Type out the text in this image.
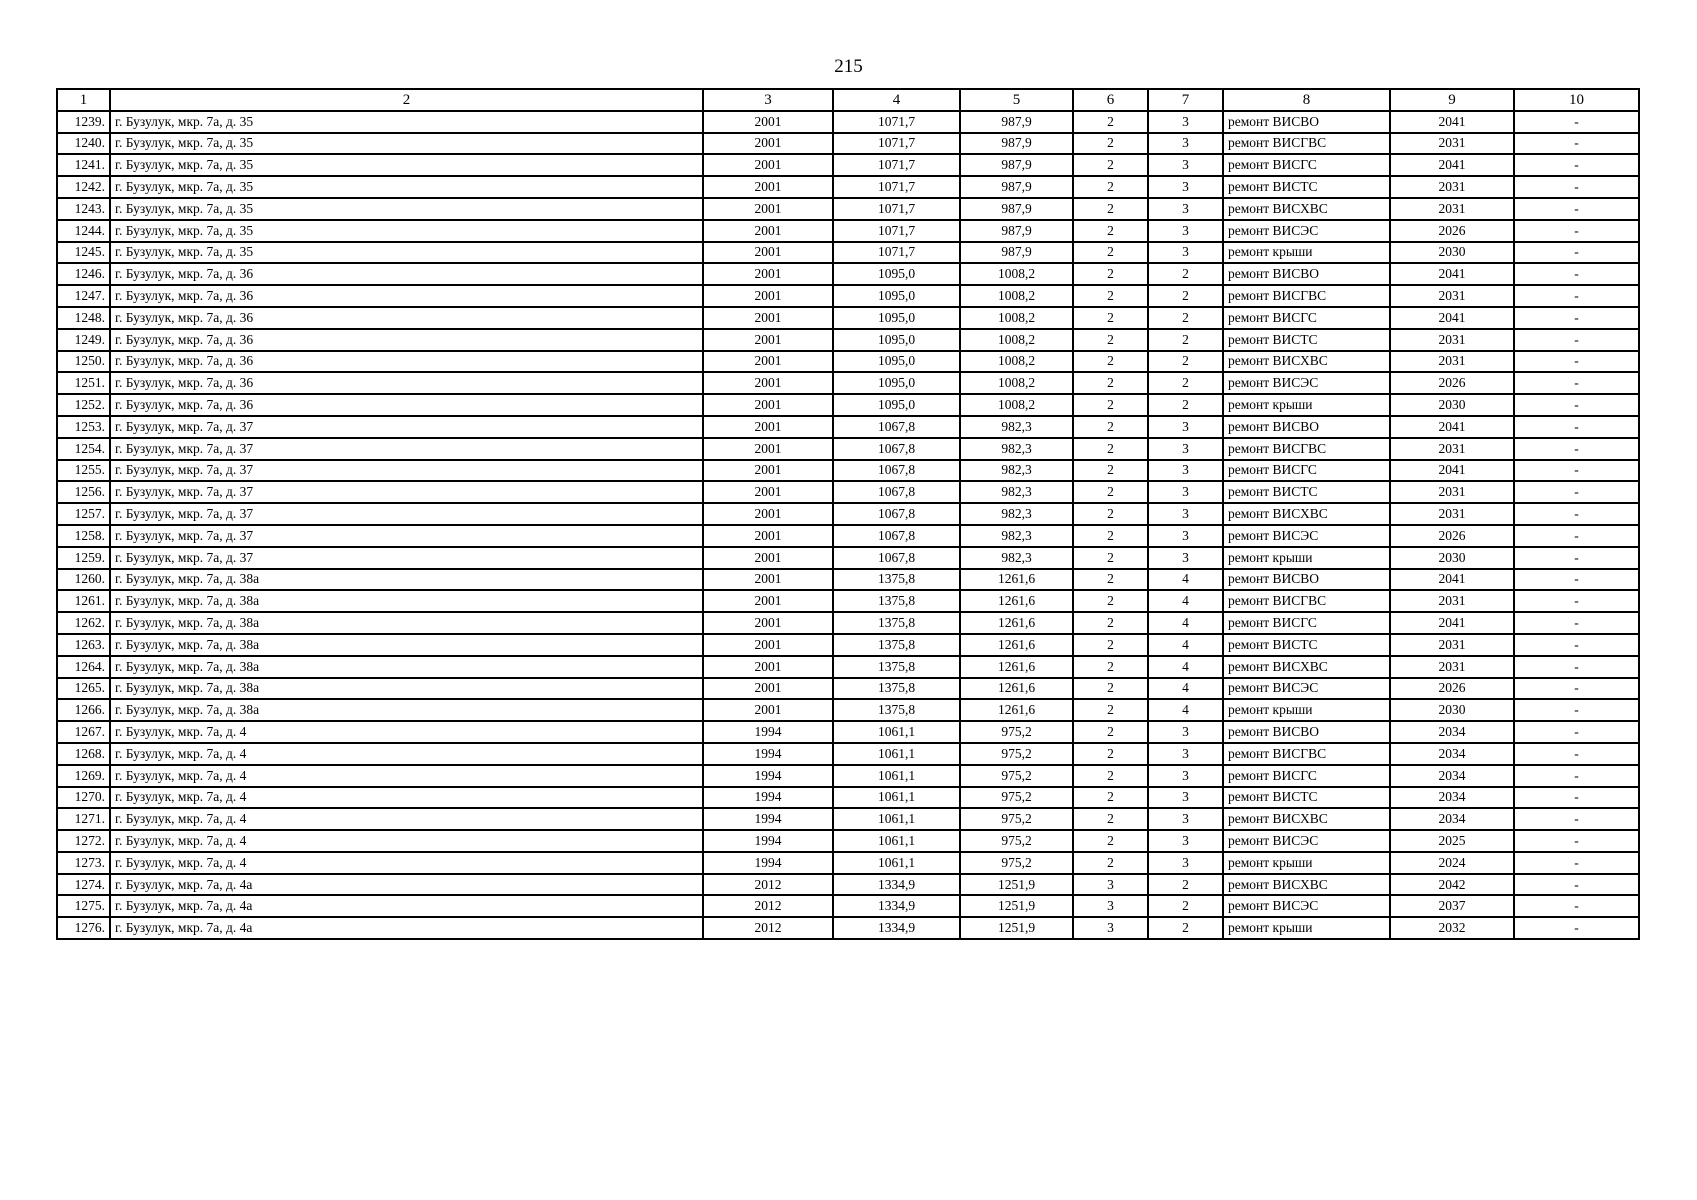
215
1	2	3	4	5	6	7	8	9	10
1239.	г. Бузулук, мкр. 7а, д. 35	2001	1071,7	987,9	2	3	ремонт ВИСВО	2041	-
1240.	г. Бузулук, мкр. 7а, д. 35	2001	1071,7	987,9	2	3	ремонт ВИСГВС	2031	-
1241.	г. Бузулук, мкр. 7а, д. 35	2001	1071,7	987,9	2	3	ремонт ВИСГС	2041	-
1242.	г. Бузулук, мкр. 7а, д. 35	2001	1071,7	987,9	2	3	ремонт ВИСТС	2031	-
1243.	г. Бузулук, мкр. 7а, д. 35	2001	1071,7	987,9	2	3	ремонт ВИСХВС	2031	-
1244.	г. Бузулук, мкр. 7а, д. 35	2001	1071,7	987,9	2	3	ремонт ВИСЭС	2026	-
1245.	г. Бузулук, мкр. 7а, д. 35	2001	1071,7	987,9	2	3	ремонт крыши	2030	-
1246.	г. Бузулук, мкр. 7а, д. 36	2001	1095,0	1008,2	2	2	ремонт ВИСВО	2041	-
1247.	г. Бузулук, мкр. 7а, д. 36	2001	1095,0	1008,2	2	2	ремонт ВИСГВС	2031	-
1248.	г. Бузулук, мкр. 7а, д. 36	2001	1095,0	1008,2	2	2	ремонт ВИСГС	2041	-
1249.	г. Бузулук, мкр. 7а, д. 36	2001	1095,0	1008,2	2	2	ремонт ВИСТС	2031	-
1250.	г. Бузулук, мкр. 7а, д. 36	2001	1095,0	1008,2	2	2	ремонт ВИСХВС	2031	-
1251.	г. Бузулук, мкр. 7а, д. 36	2001	1095,0	1008,2	2	2	ремонт ВИСЭС	2026	-
1252.	г. Бузулук, мкр. 7а, д. 36	2001	1095,0	1008,2	2	2	ремонт крыши	2030	-
1253.	г. Бузулук, мкр. 7а, д. 37	2001	1067,8	982,3	2	3	ремонт ВИСВО	2041	-
1254.	г. Бузулук, мкр. 7а, д. 37	2001	1067,8	982,3	2	3	ремонт ВИСГВС	2031	-
1255.	г. Бузулук, мкр. 7а, д. 37	2001	1067,8	982,3	2	3	ремонт ВИСГС	2041	-
1256.	г. Бузулук, мкр. 7а, д. 37	2001	1067,8	982,3	2	3	ремонт ВИСТС	2031	-
1257.	г. Бузулук, мкр. 7а, д. 37	2001	1067,8	982,3	2	3	ремонт ВИСХВС	2031	-
1258.	г. Бузулук, мкр. 7а, д. 37	2001	1067,8	982,3	2	3	ремонт ВИСЭС	2026	-
1259.	г. Бузулук, мкр. 7а, д. 37	2001	1067,8	982,3	2	3	ремонт крыши	2030	-
1260.	г. Бузулук, мкр. 7а, д. 38а	2001	1375,8	1261,6	2	4	ремонт ВИСВО	2041	-
1261.	г. Бузулук, мкр. 7а, д. 38а	2001	1375,8	1261,6	2	4	ремонт ВИСГВС	2031	-
1262.	г. Бузулук, мкр. 7а, д. 38а	2001	1375,8	1261,6	2	4	ремонт ВИСГС	2041	-
1263.	г. Бузулук, мкр. 7а, д. 38а	2001	1375,8	1261,6	2	4	ремонт ВИСТС	2031	-
1264.	г. Бузулук, мкр. 7а, д. 38а	2001	1375,8	1261,6	2	4	ремонт ВИСХВС	2031	-
1265.	г. Бузулук, мкр. 7а, д. 38а	2001	1375,8	1261,6	2	4	ремонт ВИСЭС	2026	-
1266.	г. Бузулук, мкр. 7а, д. 38а	2001	1375,8	1261,6	2	4	ремонт крыши	2030	-
1267.	г. Бузулук, мкр. 7а, д. 4	1994	1061,1	975,2	2	3	ремонт ВИСВО	2034	-
1268.	г. Бузулук, мкр. 7а, д. 4	1994	1061,1	975,2	2	3	ремонт ВИСГВС	2034	-
1269.	г. Бузулук, мкр. 7а, д. 4	1994	1061,1	975,2	2	3	ремонт ВИСГС	2034	-
1270.	г. Бузулук, мкр. 7а, д. 4	1994	1061,1	975,2	2	3	ремонт ВИСТС	2034	-
1271.	г. Бузулук, мкр. 7а, д. 4	1994	1061,1	975,2	2	3	ремонт ВИСХВС	2034	-
1272.	г. Бузулук, мкр. 7а, д. 4	1994	1061,1	975,2	2	3	ремонт ВИСЭС	2025	-
1273.	г. Бузулук, мкр. 7а, д. 4	1994	1061,1	975,2	2	3	ремонт крыши	2024	-
1274.	г. Бузулук, мкр. 7а, д. 4а	2012	1334,9	1251,9	3	2	ремонт ВИСХВС	2042	-
1275.	г. Бузулук, мкр. 7а, д. 4а	2012	1334,9	1251,9	3	2	ремонт ВИСЭС	2037	-
1276.	г. Бузулук, мкр. 7а, д. 4а	2012	1334,9	1251,9	3	2	ремонт крыши	2032	-
